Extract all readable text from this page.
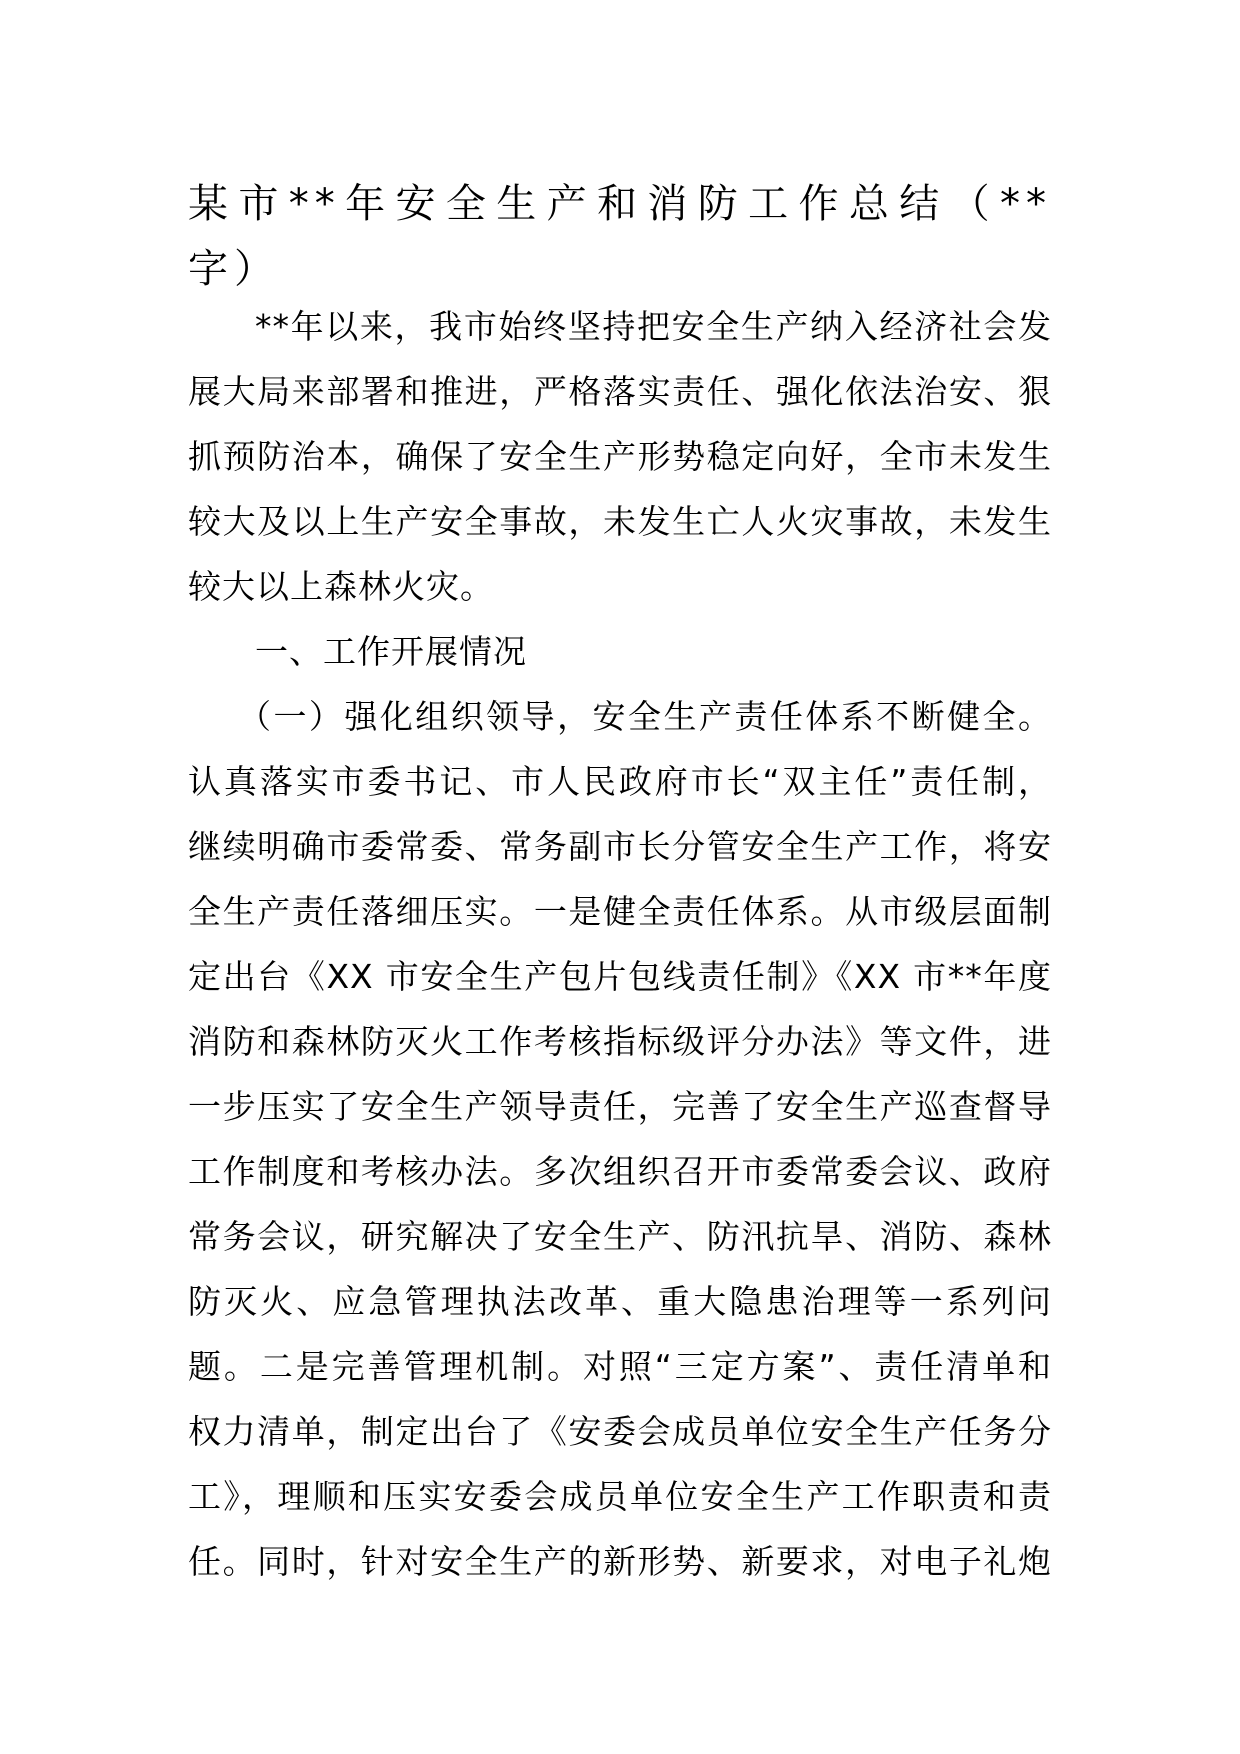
某市**年安全生产和消防工作总结（**
字）
**年以来，我市始终坚持把安全生产纳入经济社会发
展大局来部署和推进，严格落实责任、强化依法治安、狠
抓预防治本，确保了安全生产形势稳定向好，全市未发生
较大及以上生产安全事故，未发生亡人火灾事故，未发生
较大以上森林火灾。
一、工作开展情况
（一）强化组织领导，安全生产责任体系不断健全。
认真落实市委书记、市人民政府市长“双主任”责任制，
继续明确市委常委、常务副市长分管安全生产工作，将安
全生产责任落细压实。一是健全责任体系。从市级层面制
定出台《XX 市安全生产包片包线责任制》《XX 市**年度
消防和森林防灭火工作考核指标级评分办法》等文件，进
一步压实了安全生产领导责任，完善了安全生产巡查督导
工作制度和考核办法。多次组织召开市委常委会议、政府
常务会议，研究解决了安全生产、防汛抗旱、消防、森林
防灭火、应急管理执法改革、重大隐患治理等一系列问
题。二是完善管理机制。对照“三定方案”、责任清单和
权力清单，制定出台了《安委会成员单位安全生产任务分
工》，理顺和压实安委会成员单位安全生产工作职责和责
任。同时，针对安全生产的新形势、新要求，对电子礼炮
